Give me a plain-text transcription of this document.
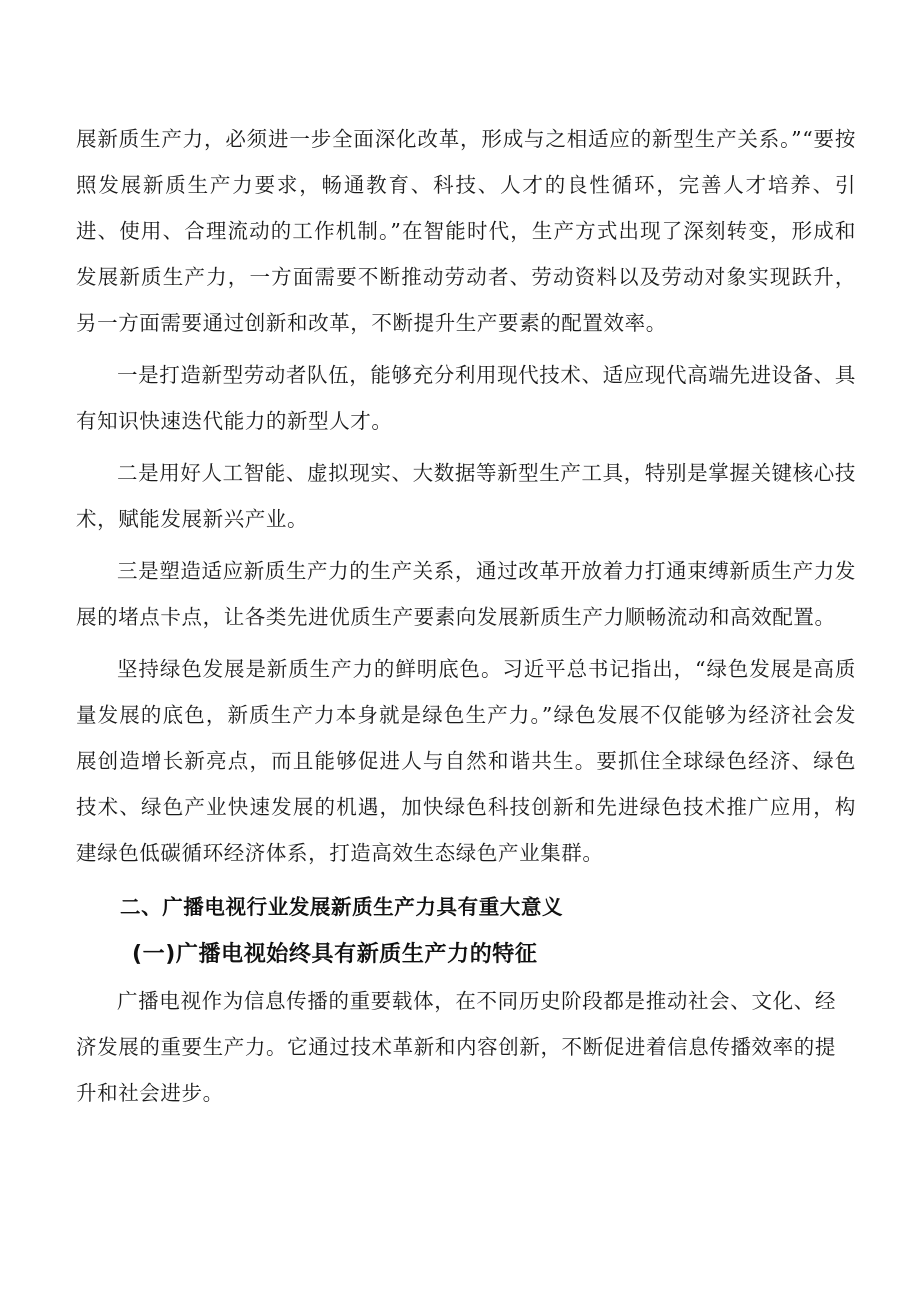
展新质生产力，必须进一步全面深化改革，形成与之相适应的新型生产关系。”“要按照发展新质生产力要求，畅通教育、科技、人才的良性循环，完善人才培养、引进、使用、合理流动的工作机制。”在智能时代，生产方式出现了深刻转变，形成和发展新质生产力，一方面需要不断推动劳动者、劳动资料以及劳动对象实现跃升，另一方面需要通过创新和改革，不断提升生产要素的配置效率。

一是打造新型劳动者队伍，能够充分利用现代技术、适应现代高端先进设备、具有知识快速迭代能力的新型人才。

二是用好人工智能、虚拟现实、大数据等新型生产工具，特别是掌握关键核心技术，赋能发展新兴产业。

三是塑造适应新质生产力的生产关系，通过改革开放着力打通束缚新质生产力发展的堵点卡点，让各类先进优质生产要素向发展新质生产力顺畅流动和高效配置。

坚持绿色发展是新质生产力的鲜明底色。习近平总书记指出，“绿色发展是高质量发展的底色，新质生产力本身就是绿色生产力。”绿色发展不仅能够为经济社会发展创造增长新亮点，而且能够促进人与自然和谐共生。要抓住全球绿色经济、绿色技术、绿色产业快速发展的机遇，加快绿色科技创新和先进绿色技术推广应用，构建绿色低碳循环经济体系，打造高效生态绿色产业集群。

二、广播电视行业发展新质生产力具有重大意义
(一)广播电视始终具有新质生产力的特征

广播电视作为信息传播的重要载体，在不同历史阶段都是推动社会、文化、经济发展的重要生产力。它通过技术革新和内容创新，不断促进着信息传播效率的提升和社会进步。
